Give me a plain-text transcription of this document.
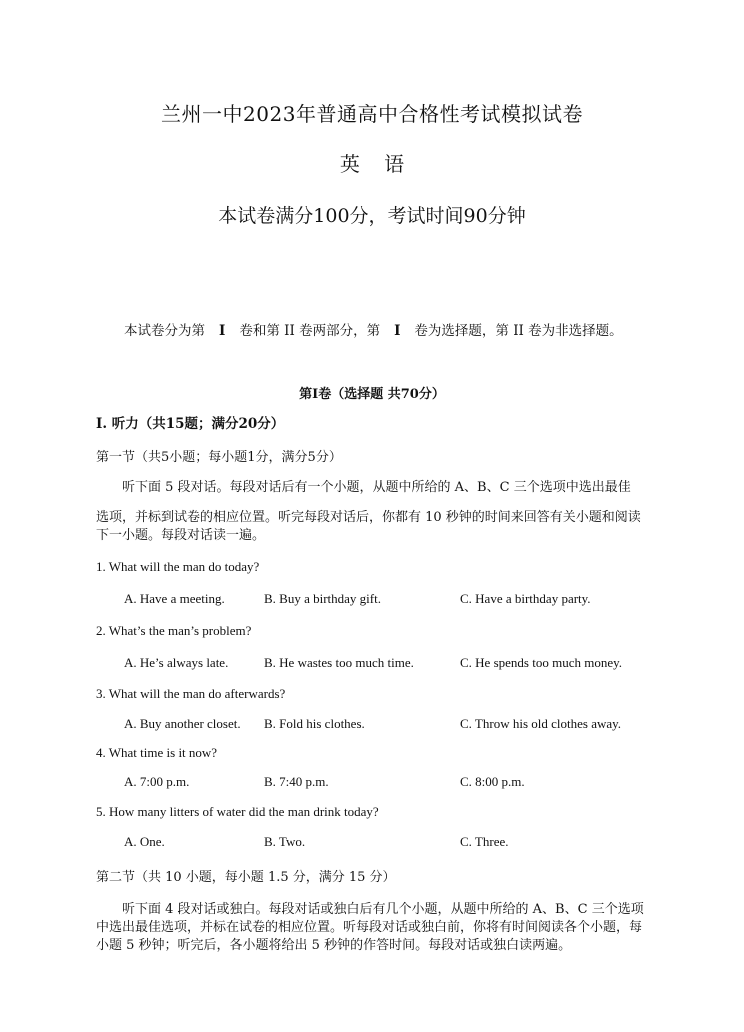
兰州一中2023年普通高中合格性考试模拟试卷
英 语
本试卷满分100分，考试时间90分钟
本试卷分为第 I 卷和第 II 卷两部分，第 I 卷为选择题，第 II 卷为非选择题。
第I卷（选择题 共70分）
I. 听力（共15题；满分20分）
第一节（共5小题；每小题1分，满分5分）
听下面 5 段对话。每段对话后有一个小题，从题中所给的 A、B、C 三个选项中选出最佳
选项，并标到试卷的相应位置。听完每段对话后，你都有 10 秒钟的时间来回答有关小题和阅读下一小题。每段对话读一遍。
1. What will the man do today?
A. Have a meeting.	B. Buy a birthday gift.	C. Have a birthday party.
2. What’s the man’s problem?
A. He’s always late.	B. He wastes too much time.	C. He spends too much money.
3. What will the man do afterwards?
A. Buy another closet. B. Fold his clothes.	C. Throw his old clothes away.
4. What time is it now?
A. 7:00 p.m.	B. 7:40 p.m.	C. 8:00 p.m.
5. How many litters of water did the man drink today?
A. One.	B. Two.	C. Three.
第二节（共 10 小题，每小题 1.5 分，满分 15 分）
听下面 4 段对话或独白。每段对话或独白后有几个小题，从题中所给的 A、B、C 三个选项中选出最佳选项，并标在试卷的相应位置。听每段对话或独白前，你将有时间阅读各个小题，每小题 5 秒钟；听完后，各小题将给出 5 秒钟的作答时间。每段对话或独白读两遍。
